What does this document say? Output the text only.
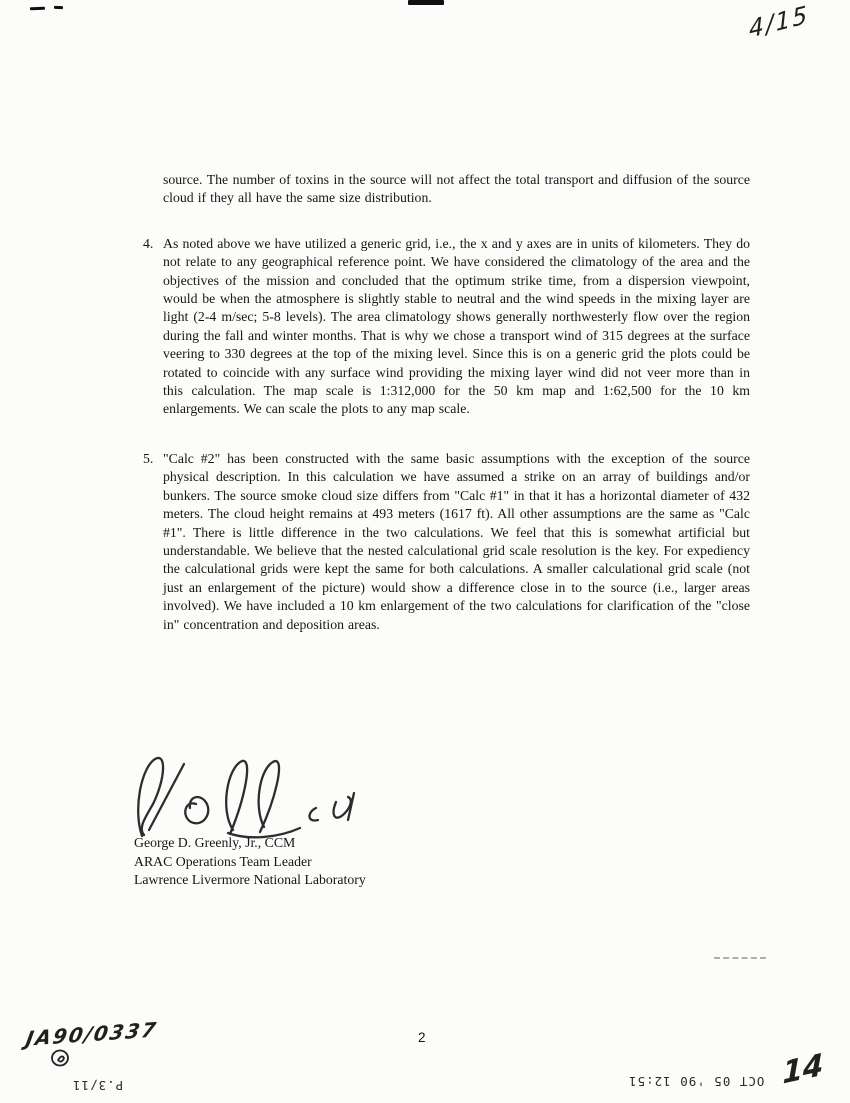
4/15

source. The number of toxins in the source will not affect the total transport and diffusion of the source cloud if they all have the same size distribution.

4. As noted above we have utilized a generic grid, i.e., the x and y axes are in units of kilometers. They do not relate to any geographical reference point. We have considered the climatology of the area and the objectives of the mission and concluded that the optimum strike time, from a dispersion viewpoint, would be when the atmosphere is slightly stable to neutral and the wind speeds in the mixing layer are light (2-4 m/sec; 5-8 levels). The area climatology shows generally northwesterly flow over the region during the fall and winter months. That is why we chose a transport wind of 315 degrees at the surface veering to 330 degrees at the top of the mixing level. Since this is on a generic grid the plots could be rotated to coincide with any surface wind providing the mixing layer wind did not veer more than in this calculation. The map scale is 1:312,000 for the 50 km map and 1:62,500 for the 10 km enlargements. We can scale the plots to any map scale.

5. "Calc #2" has been constructed with the same basic assumptions with the exception of the source physical description. In this calculation we have assumed a strike on an array of buildings and/or bunkers. The source smoke cloud size differs from "Calc #1" in that it has a horizontal diameter of 432 meters. The cloud height remains at 493 meters (1617 ft). All other assumptions are the same as "Calc #1". There is little difference in the two calculations. We feel that this is somewhat artificial but understandable. We believe that the nested calculational grid scale resolution is the key. For expediency the calculational grids were kept the same for both calculations. A smaller calculational grid scale (not just an enlargement of the picture) would show a difference close in to the source (i.e., larger areas involved). We have included a 10 km enlargement of the two calculations for clarification of the "close in" concentration and deposition areas.

George D. Greenly, Jr., CCM
ARAC Operations Team Leader
Lawrence Livermore National Laboratory
JA90/0337	2
P.3/11	OCT 05 '90 12:51 14
